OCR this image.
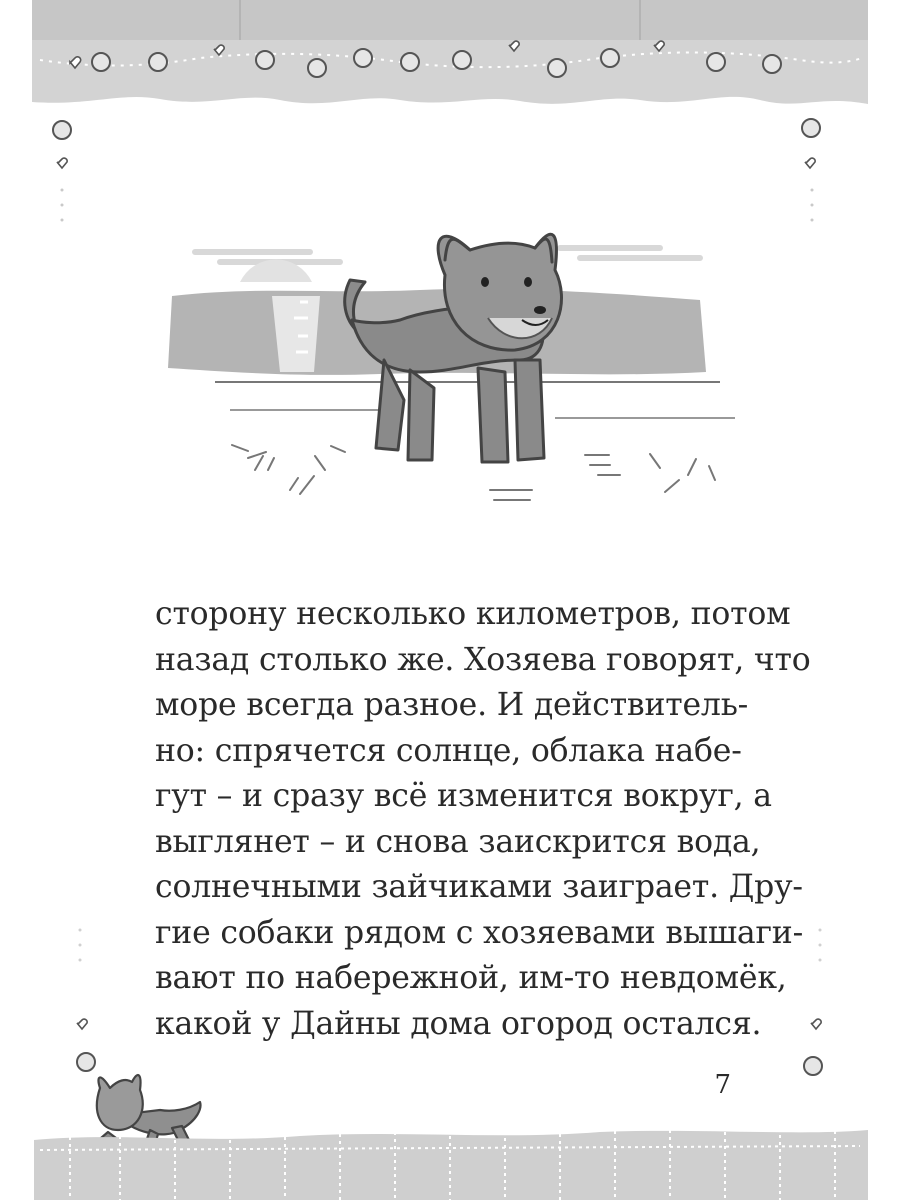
сторону несколько километров, потом
назад столько же. Хозяева говорят, что
море всегда разное. И действитель-
но: спрячется солнце, облака набе-
гут – и сразу всё изменится вокруг, а
выглянет – и снова заискрится вода,
солнечными зайчиками заиграет. Дру-
гие собаки рядом с хозяевами вышаги-
вают по набережной, им-то невдомёк,
какой у Дайны дома огород остался.
7
